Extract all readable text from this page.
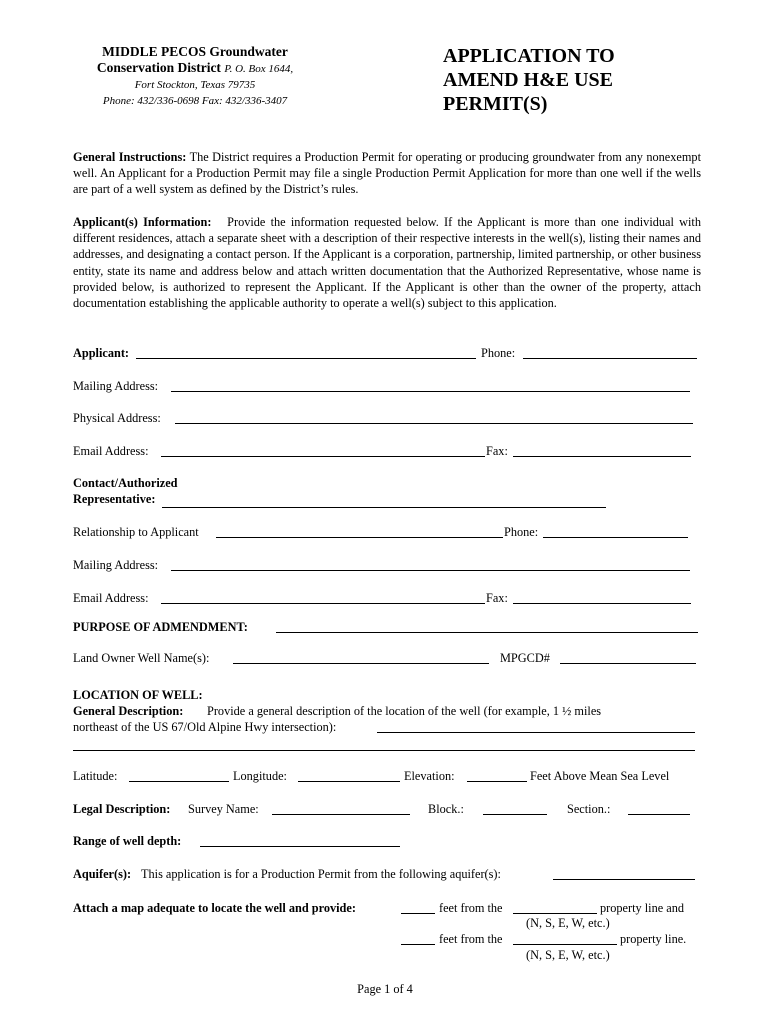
MIDDLE PECOS Groundwater
Conservation District P. O. Box 1644,
Fort Stockton, Texas 79735
Phone: 432/336-0698 Fax: 432/336-3407
APPLICATION TO
AMEND H&E USE
PERMIT(S)

General Instructions: The District requires a Production Permit for operating or producing groundwater from any nonexempt well. An Applicant for a Production Permit may file a single Production Permit Application for more than one well if the wells are part of a well system as defined by the District’s rules.

Applicant(s) Information: Provide the information requested below. If the Applicant is more than one individual with different residences, attach a separate sheet with a description of their respective interests in the well(s), listing their names and addresses, and designating a contact person. If the Applicant is a corporation, partnership, limited partnership, or other business entity, state its name and address below and attach written documentation that the Authorized Representative, whose name is provided below, is authorized to represent the Applicant. If the Applicant is other than the owner of the property, attach documentation establishing the applicable authority to operate a well(s) subject to this application.

Applicant:	Phone:
Mailing Address:
Physical Address:
Email Address:	Fax:
Contact/Authorized
Representative:
Relationship to Applicant	Phone:
Mailing Address:
Email Address:	Fax:
PURPOSE OF ADMENDMENT:
Land Owner Well Name(s):	MPGCD#
LOCATION OF WELL:
General Description: Provide a general description of the location of the well (for example, 1 ½ miles
northeast of the US 67/Old Alpine Hwy intersection):
Latitude:	Longitude:	Elevation:	Feet Above Mean Sea Level
Legal Description: Survey Name:	Block.:	Section.:
Range of well depth:
Aquifer(s): This application is for a Production Permit from the following aquifer(s):
Attach a map adequate to locate the well and provide:	feet from the	property line and
(N, S, E, W, etc.)
feet from the	property line.
(N, S, E, W, etc.)
Page 1 of 4
